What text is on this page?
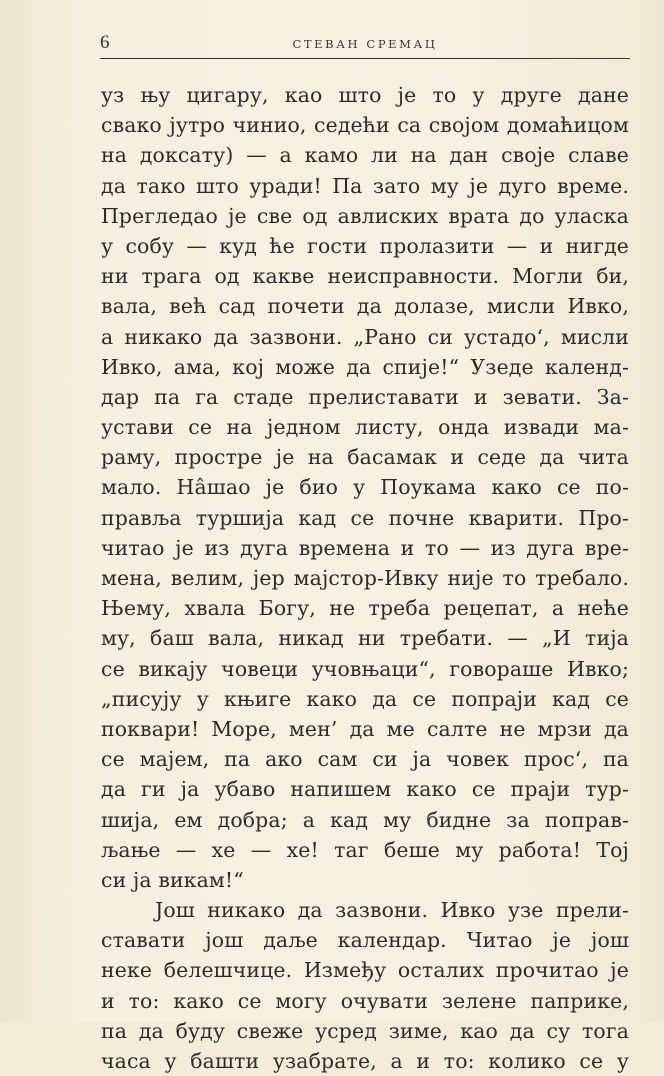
6	СТЕВАН СРЕМАЦ
уз њу цигару, као што је то у друге дане
свако јутро чинио, седећи са својом домаћицом
на доксату) — а камо ли на дан своје славе
да тако што уради! Па зато му је дуго време.
Прегледао је све од авлиских врата до уласка
у собу — куд ће гости пролазити — и нигде
ни трага од какве неисправности. Могли би,
вала, већ сад почети да долазе, мисли Ивко,
а никако да зазвони. „Рано си устадо‘, мисли
Ивко, ама, кој може да спије!“ Узеде календ-
дар па га стаде прелиставати и зевати. За-
устави се на једном листу, онда извади ма-
раму, простре је на басамак и седе да чита
мало. На̂шао је био у Поукама како се по-
прављa туршија кад се почне кварити. Про-
читао је из дуга времена и то — из дуга вре-
мена, велим, јер мајстор-Ивку није то требало.
Њему, хвала Богу, не треба рецепат, а неће
му, баш вала, никад ни требати. — „И тија
се викају човеци учовњаци“, говораше Ивко;
„писују у књиге како да се попраји кад се
поквари! Море, мен’ да ме салте не мрзи да
се мајем, па ако сам си ја човек прос‘, па
да ги ја убаво напишем како се праји тур-
шија, ем добра; а кад му бидне за поправ-
љање — хе — хе! таг беше му работа! Тој
си ја викам!“
Још никако да зазвони. Ивко узе прели-
ставати још даље календар. Читао је још
неке белешчице. Између осталих прочитао је
и то: како се могу очувати зелене паприке,
па да буду свеже усред зиме, као да су тога
часа у башти узабрате, а и то: колико се у
